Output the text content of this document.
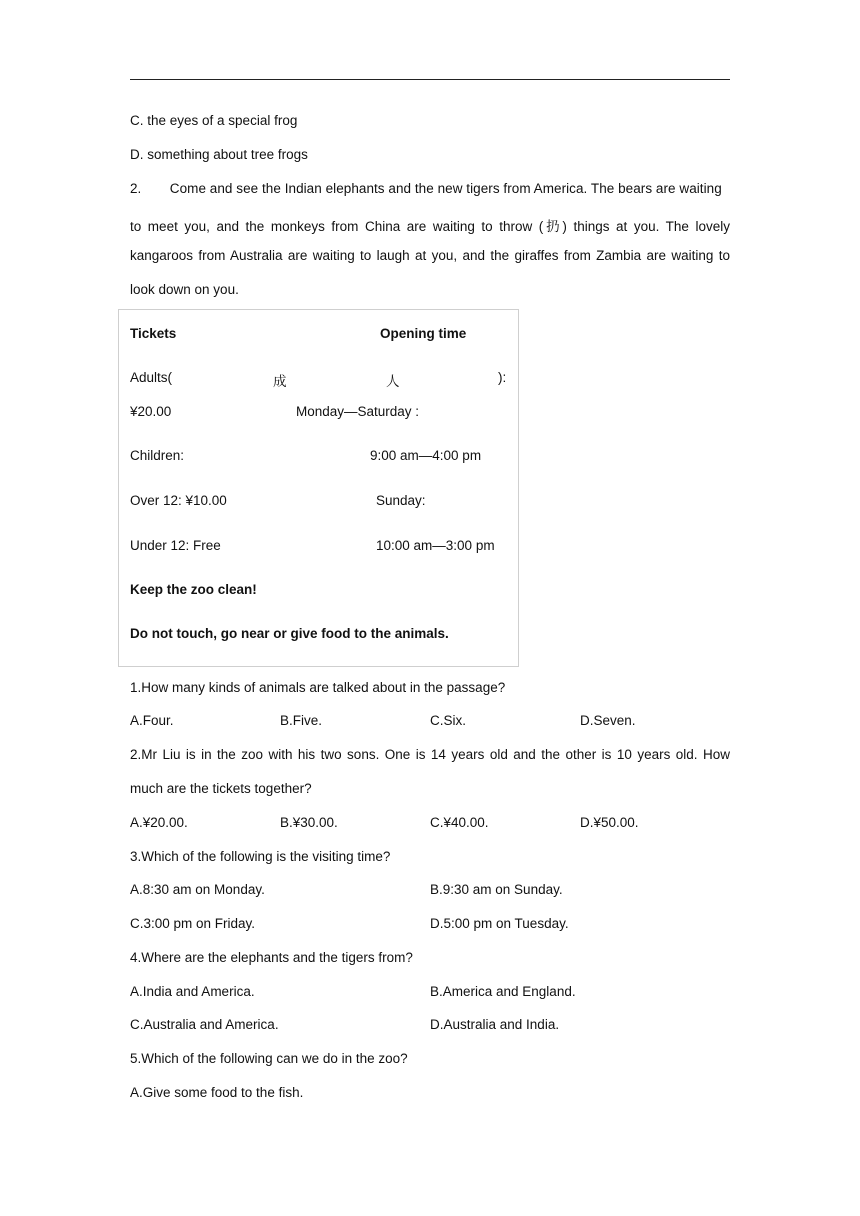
C. the eyes of a special frog
D. something about tree frogs
2. Come and see the Indian elephants and the new tigers from America. The bears are waiting
to meet you, and the monkeys from China are waiting to throw (扔) things at you. The lovely
kangaroos from Australia are waiting to laugh at you, and the giraffes from Zambia are waiting to
look down on you.
Tickets	Opening time
Adults(	成	人	):
¥20.00	Monday—Saturday :
Children:	9:00 am—4:00 pm
Over 12: ¥10.00	Sunday:
Under 12: Free	10:00 am—3:00 pm
Keep the zoo clean!
Do not touch, go near or give food to the animals.
1.How many kinds of animals are talked about in the passage?
A.Four.	B.Five.	C.Six.	D.Seven.
2.Mr Liu is in the zoo with his two sons. One is 14 years old and the other is 10 years old. How
much are the tickets together?
A.¥20.00.	B.¥30.00.	C.¥40.00.	D.¥50.00.
3.Which of the following is the visiting time?
A.8:30 am on Monday.	B.9:30 am on Sunday.
C.3:00 pm on Friday.	D.5:00 pm on Tuesday.
4.Where are the elephants and the tigers from?
A.India and America.	B.America and England.
C.Australia and America.	D.Australia and India.
5.Which of the following can we do in the zoo?
A.Give some food to the fish.
